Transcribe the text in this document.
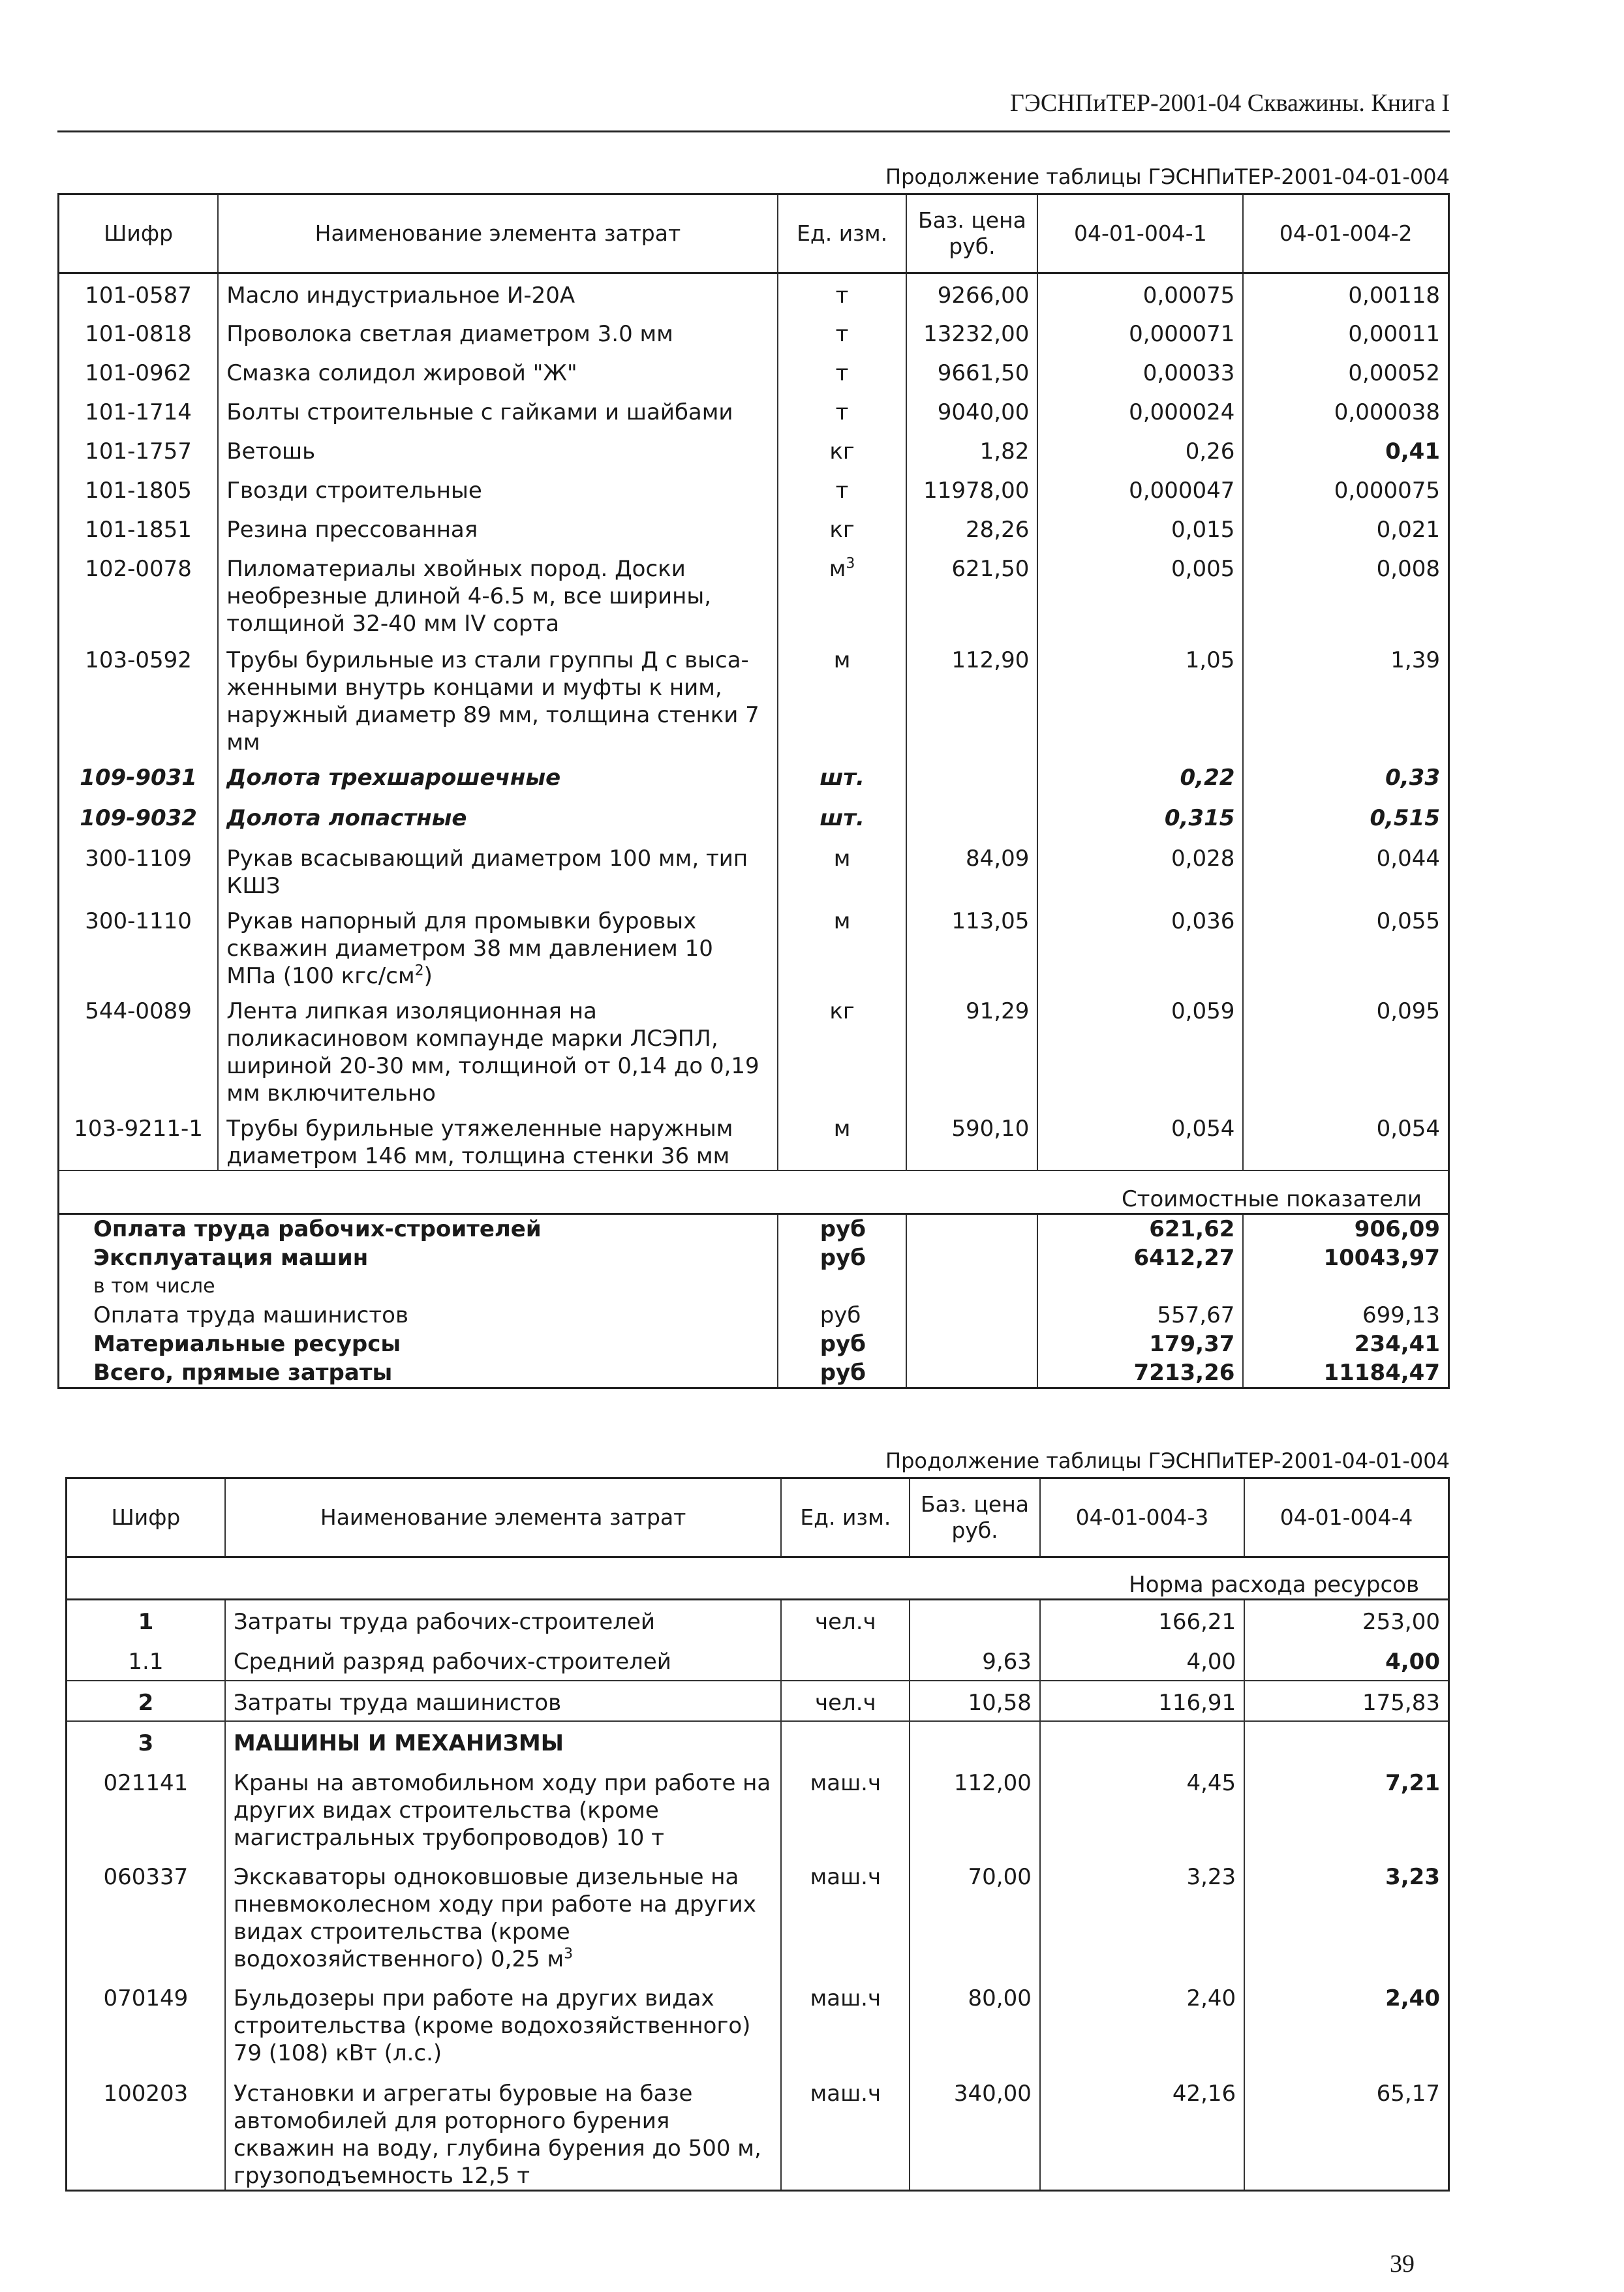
ГЭСНПиТЕР-2001-04 Скважины. Книга I
Продолжение таблицы ГЭСНПиТЕР-2001-04-01-004
Шифр	Наименование элемента затрат	Ед. изм.	Баз. цена руб.	04-01-004-1	04-01-004-2
101-0587	Масло индустриальное И-20А	т	9266,00	0,00075	0,00118
101-0818	Проволока светлая диаметром 3.0 мм	т	13232,00	0,000071	0,00011
101-0962	Смазка солидол жировой "Ж"	т	9661,50	0,00033	0,00052
101-1714	Болты строительные с гайками и шайбами	т	9040,00	0,000024	0,000038
101-1757	Ветошь	кг	1,82	0,26	0,41
101-1805	Гвозди строительные	т	11978,00	0,000047	0,000075
101-1851	Резина прессованная	кг	28,26	0,015	0,021
102-0078	Пиломатериалы хвойных пород. Доски необрезные длиной 4-6.5 м, все ширины, толщиной 32-40 мм IV сорта	$м^3$	621,50	0,005	0,008
103-0592	Трубы бурильные из стали группы Д с выса-женными внутрь концами и муфты к ним, наружный диаметр 89 мм, толщина стенки 7 мм	м	112,90	1,05	1,39
109-9031	Долота трехшарошечные	шт.		0,22	0,33
109-9032	Долота лопастные	шт.		0,315	0,515
300-1109	Рукав всасывающий диаметром 100 мм, тип КШЗ	м	84,09	0,028	0,044
300-1110	Рукав напорный для промывки буровых скважин диаметром 38 мм давлением 10 МПа (100 кгс/$см^2$)	м	113,05	0,036	0,055
544-0089	Лента липкая изоляционная на поликасиновом компаунде марки ЛСЭПЛ, шириной 20-30 мм, толщиной от 0,14 до 0,19 мм включительно	кг	91,29	0,059	0,095
103-9211-1	Трубы бурильные утяжеленные наружным диаметром 146 мм, толщина стенки 36 мм	м	590,10	0,054	0,054
Стоимостные показатели					
Оплата труда рабочих-строителей		руб		621,62	906,09
Эксплуатация машин		руб		6412,27	10043,97
в том числе					
Оплата труда машинистов		руб		557,67	699,13
Материальные ресурсы		руб		179,37	234,41
Всего, прямые затраты		руб		7213,26	11184,47
Продолжение таблицы ГЭСНПиТЕР-2001-04-01-004
Шифр	Наименование элемента затрат	Ед. изм.	Баз. цена руб.	04-01-004-3	04-01-004-4
Норма расхода ресурсов					
1	Затраты труда рабочих-строителей	чел.ч		166,21	253,00
1.1	Средний разряд рабочих-строителей		9,63	4,00	4,00
2	Затраты труда машинистов	чел.ч	10,58	116,91	175,83
3	МАШИНЫ И МЕХАНИЗМЫ				
021141	Краны на автомобильном ходу при работе на других видах строительства (кроме магистральных трубопроводов) 10 т	маш.ч	112,00	4,45	7,21
060337	Экскаваторы одноковшовые дизельные на пневмоколесном ходу при работе на других видах строительства (кроме водохозяйственного) 0,25 $м^3$	маш.ч	70,00	3,23	3,23
070149	Бульдозеры при работе на других видах строительства (кроме водохозяйственного) 79 (108) кВт (л.с.)	маш.ч	80,00	2,40	2,40
100203	Установки и агрегаты буровые на базе автомобилей для роторного бурения скважин на воду, глубина бурения до 500 м, грузоподъемность 12,5 т	маш.ч	340,00	42,16	65,17
39
